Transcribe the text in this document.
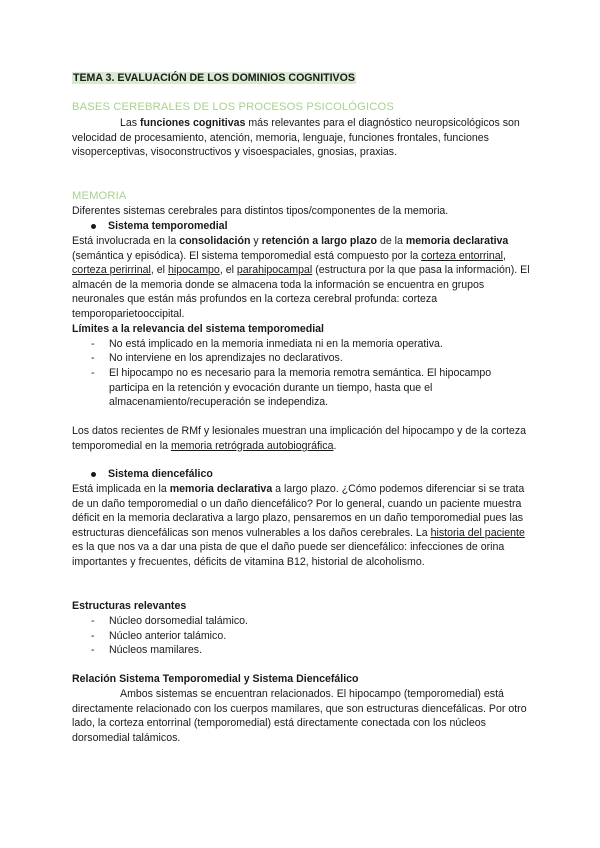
TEMA 3. EVALUACIÓN DE LOS DOMINIOS COGNITIVOS

BASES CEREBRALES DE LOS PROCESOS PSICOLÓGICOS

Las funciones cognitivas más relevantes para el diagnóstico neuropsicológicos son velocidad de procesamiento, atención, memoria, lenguaje, funciones frontales, funciones visoperceptivas, visoconstructivos y visoespaciales, gnosias, praxias.

MEMORIA

Diferentes sistemas cerebrales para distintos tipos/componentes de la memoria.

Sistema temporomedial

Está involucrada en la consolidación y retención a largo plazo de la memoria declarativa (semántica y episódica). El sistema temporomedial está compuesto por la corteza entorrinal, corteza perirrinal, el hipocampo, el parahipocampal (estructura por la que pasa la información). El almacén de la memoria donde se almacena toda la información se encuentra en grupos neuronales que están más profundos en la corteza cerebral profunda: corteza temporoparietooccipital.

Límites a la relevancia del sistema temporomedial

-	No está implicado en la memoria inmediata ni en la memoria operativa.
-	No interviene en los aprendizajes no declarativos.
-	El hipocampo no es necesario para la memoria remotra semántica. El hipocampo participa en la retención y evocación durante un tiempo, hasta que el almacenamiento/recuperación se independiza.

Los datos recientes de RMf y lesionales muestran una implicación del hipocampo y de la corteza temporomedial en la memoria retrógrada autobiográfica.

Sistema diencefálico

Está implicada en la memoria declarativa a largo plazo. ¿Cómo podemos diferenciar si se trata de un daño temporomedial o un daño diencefálico? Por lo general, cuando un paciente muestra déficit en la memoria declarativa a largo plazo, pensaremos en un daño temporomedial pues las estructuras diencefálicas son menos vulnerables a los daños cerebrales. La historia del paciente es la que nos va a dar una pista de que el daño puede ser diencefálico: infecciones de orina importantes y frecuentes, déficits de vitamina B12, historial de alcoholismo.

Estructuras relevantes

-	Núcleo dorsomedial talámico.
-	Núcleo anterior talámico.
-	Núcleos mamilares.

Relación Sistema Temporomedial y Sistema Diencefálico

Ambos sistemas se encuentran relacionados. El hipocampo (temporomedial) está directamente relacionado con los cuerpos mamilares, que son estructuras diencefálicas. Por otro lado, la corteza entorrinal (temporomedial) está directamente conectada con los núcleos dorsomedial talámicos.
